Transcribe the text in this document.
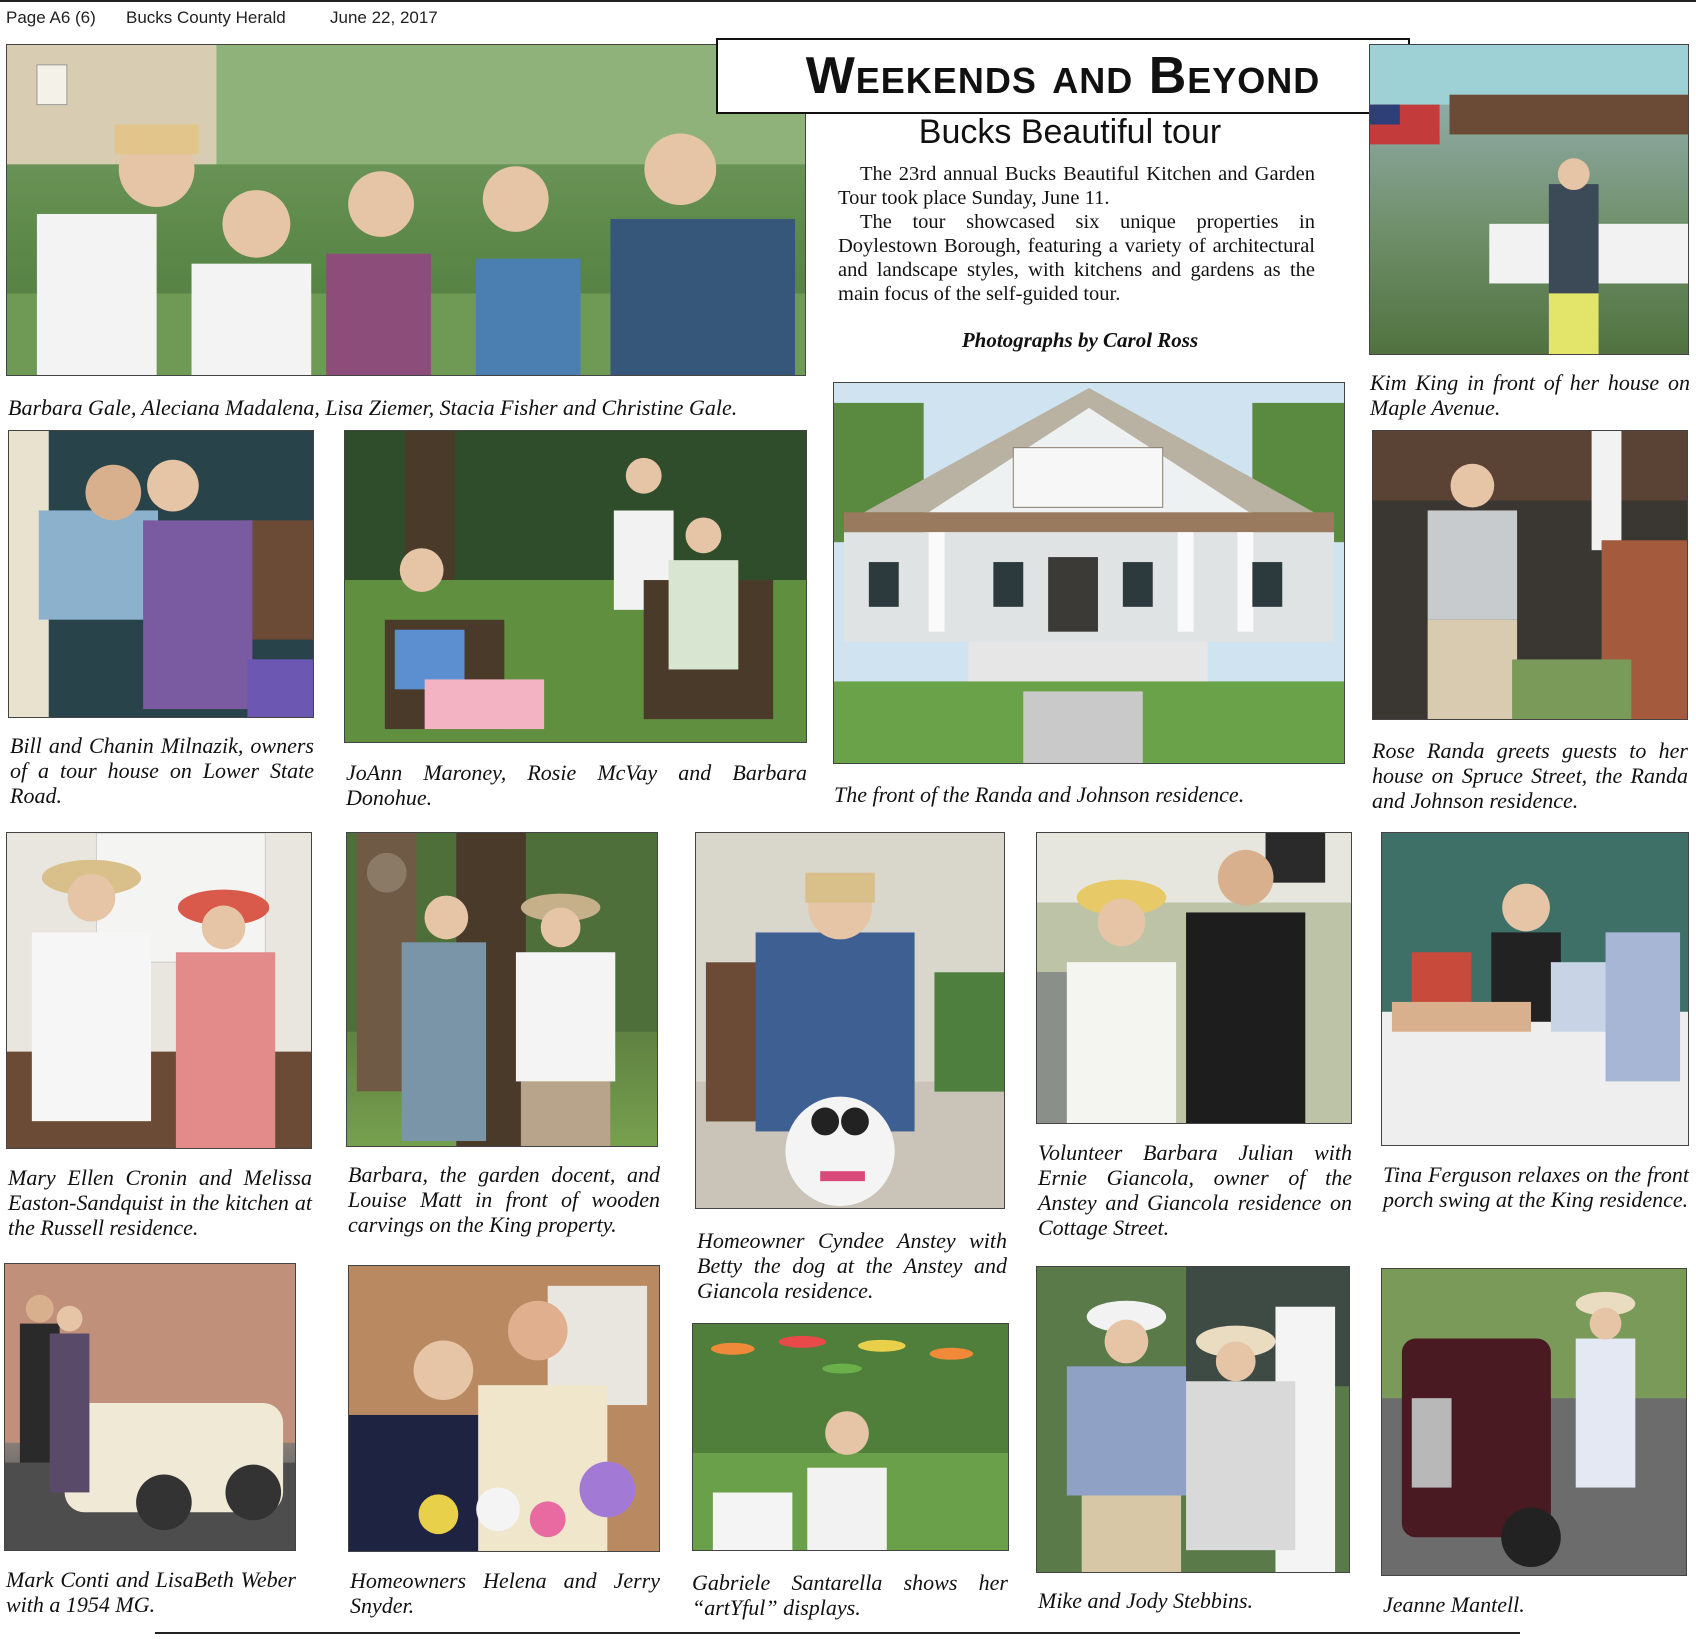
Page A6 (6) Bucks County Herald	June 22, 2017
Barbara Gale, Aleciana Madalena, Lisa Ziemer, Stacia Fisher and Christine Gale.
Weekends and Beyond
Bucks Beautiful tour

The 23rd annual Bucks Beautiful Kitchen and Garden Tour took place Sunday, June 11.

The tour showcased six unique properties in Doylestown Borough, featuring a variety of architectural and landscape styles, with kitchens and gardens as the main focus of the self-guided tour.

Photographs by Carol Ross
Kim King in front of her house on Maple Avenue.
Bill and Chanin Milnazik, owners of a tour house on Lower State Road.
JoAnn Maroney, Rosie McVay and Barbara Donohue.	The front of the Randa and Johnson residence.
Rose Randa greets guests to her house on Spruce Street, the Randa and Johnson residence.
Mary Ellen Cronin and Melissa Easton-Sandquist in the kitchen at the Russell residence.
Barbara, the garden docent, and Louise Matt in front of wooden carvings on the King property.
Homeowner Cyndee Anstey with Betty the dog at the Anstey and Giancola residence.
Volunteer Barbara Julian with Ernie Giancola, owner of the Anstey and Giancola residence on Cottage Street.
Tina Ferguson relaxes on the front porch swing at the King residence.
Mark Conti and LisaBeth Weber with a 1954 MG.
Homeowners Helena and Jerry Snyder.
Gabriele Santarella shows her “artYful” displays.	Mike and Jody Stebbins.	Jeanne Mantell.
